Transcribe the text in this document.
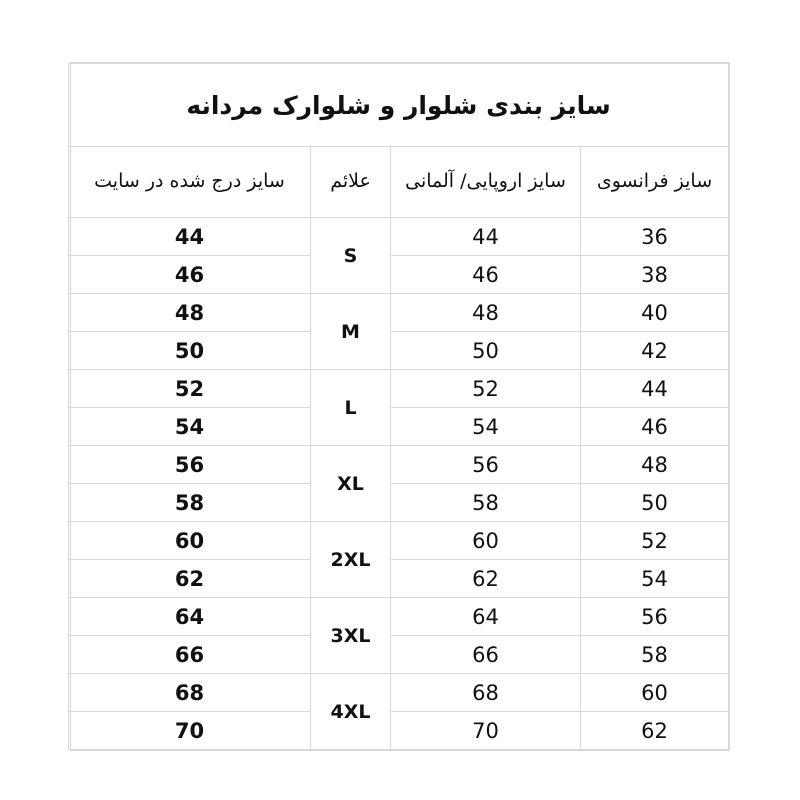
سایز بندی شلوار و شلوارک مردانه			
سایز فرانسوی	سایز اروپایی/ آلمانی	علائم	سایز درج شده در سایت
36	44	S	44
38	46		46
40	48	M	48
42	50		50
44	52	L	52
46	54		54
48	56	XL	56
50	58		58
52	60	2XL	60
54	62		62
56	64	3XL	64
58	66		66
60	68	4XL	68
62	70		70
